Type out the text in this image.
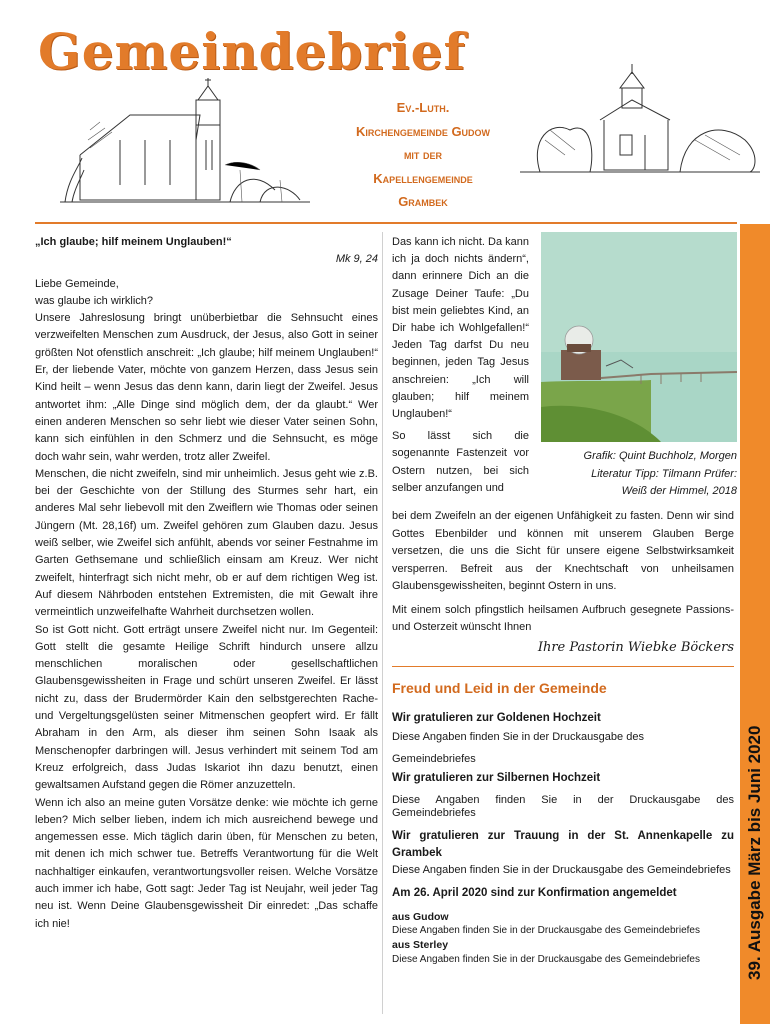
Gemeindebrief
Ev.-Luth.
Kirchengemeinde Gudow
mit der
Kapellengemeinde
Grambek
39. Ausgabe März bis Juni 2020

„Ich glaube; hilf meinem Unglauben!“

Mk 9, 24

Liebe Gemeinde,

was glaube ich wirklich?

Unsere Jahreslosung bringt unüberbietbar die Sehnsucht eines verzweifelten Menschen zum Ausdruck, der Jesus, also Gott in seiner größten Not ofenstlich anschreit: „Ich glaube; hilf meinem Unglauben!“ Er, der liebende Vater, möchte von ganzem Herzen, dass Jesus sein Kind heilt – wenn Jesus das denn kann, darin liegt der Zweifel. Jesus antwortet ihm: „Alle Dinge sind möglich dem, der da glaubt.“ Wer einen anderen Menschen so sehr liebt wie dieser Vater seinen Sohn, kann sich einfühlen in den Schmerz und die Sehnsucht, es möge doch wahr sein, wahr werden, trotz aller Zweifel.

Menschen, die nicht zweifeln, sind mir unheimlich. Jesus geht wie z.B. bei der Geschichte von der Stillung des Sturmes sehr hart, ein anderes Mal sehr liebevoll mit den Zweiflern wie Thomas oder seinen Jüngern (Mt. 28,16f) um. Zweifel gehören zum Glauben dazu. Jesus weiß selber, wie Zweifel sich anfühlt, abends vor seiner Festnahme im Garten Gethsemane und schließlich einsam am Kreuz. Wer nicht zweifelt, hinterfragt sich nicht mehr, ob er auf dem richtigen Weg ist. Auf diesem Nährboden entstehen Extremisten, die mit Gewalt ihre vermeintlich unzweifelhafte Wahrheit durchsetzen wollen.

So ist Gott nicht. Gott erträgt unsere Zweifel nicht nur. Im Gegenteil: Gott stellt die gesamte Heilige Schrift hindurch unsere allzu menschlichen moralischen oder gesellschaftlichen Glaubensgewissheiten in Frage und schürt unseren Zweifel. Er lässt nicht zu, dass der Brudermörder Kain den selbstgerechten Rache- und Vergeltungsgelüsten seiner Mitmenschen geopfert wird. Er fällt Abraham in den Arm, als dieser ihm seinen Sohn Isaak als Menschenopfer darbringen will. Jesus verhindert mit seinem Tod am Kreuz erfolgreich, dass Judas Iskariot ihn dazu benutzt, einen gewaltsamen Aufstand gegen die Römer anzuzetteln.

Wenn ich also an meine guten Vorsätze denke: wie möchte ich gerne leben? Mich selber lieben, indem ich mich ausreichend bewege und angemessen esse. Mich täglich darin üben, für Menschen zu beten, mit denen ich mich schwer tue. Betreffs Verantwortung für die Welt nachhaltiger einkaufen, verantwortungsvoller reisen. Welche Vorsätze auch immer ich habe, Gott sagt: Jeder Tag ist Neujahr, weil jeder Tag neu ist. Wenn Deine Glaubensgewissheit Dir einredet: „Das schaffe ich nie!

Das kann ich nicht. Da kann ich ja doch nichts ändern“, dann erinnere Dich an die Zusage Deiner Taufe: „Du bist mein geliebtes Kind, an Dir habe ich Wohlgefallen!“ Jeden Tag darfst Du neu beginnen, jeden Tag Jesus anschreien: „Ich will glauben; hilf meinem Unglauben!“

So lässt sich die sogenannte Fastenzeit vor Ostern nutzen, bei sich selber anzufangen und

Grafik: Quint Buchholz, Morgen
Literatur Tipp: Tilmann Prüfer:
Weiß der Himmel, 2018

bei dem Zweifeln an der eigenen Unfähigkeit zu fasten. Denn wir sind Gottes Ebenbilder und können mit unserem Glauben Berge versetzen, die uns die Sicht für unsere eigene Selbstwirksamkeit versperren. Befreit aus der Knechtschaft von unheilsamen Glaubensgewissheiten, beginnt Ostern in uns.

Mit einem solch pfingstlich heilsamen Aufbruch gesegnete Passions- und Osterzeit wünscht Ihnen

Ihre Pastorin Wiebke Böckers
Freud und Leid in der Gemeinde
Wir gratulieren zur Goldenen Hochzeit
Diese Angaben finden Sie in der Druckausgabe des
Gemeindebriefes
Wir gratulieren zur Silbernen Hochzeit
Diese Angaben finden Sie in der Druckausgabe des
Gemeindebriefes
Wir gratulieren zur Trauung in der St. Annenkapelle zu Grambek
Diese Angaben finden Sie in der Druckausgabe des Gemeindebriefes
Am 26. April 2020 sind zur Konfirmation angemeldet
aus Gudow
Diese Angaben finden Sie in der Druckausgabe des Gemeindebriefes
aus Sterley
Diese Angaben finden Sie in der Druckausgabe des Gemeindebriefes
